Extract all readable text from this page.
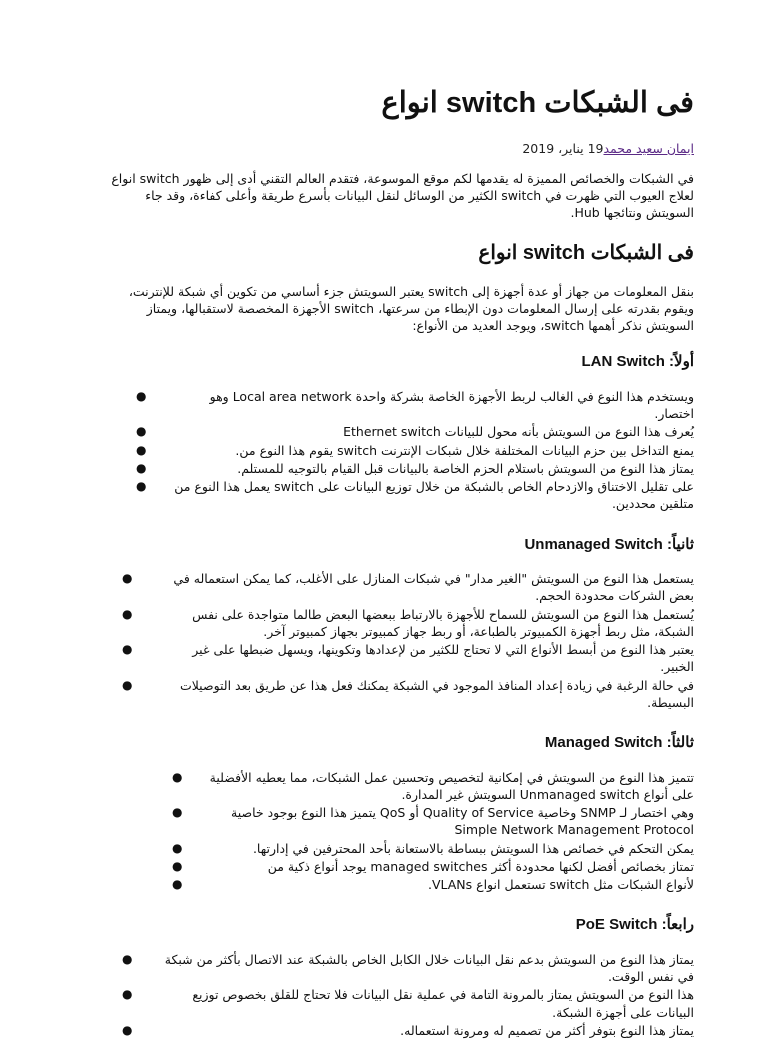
فى الشبكات switch انواع
ايمان سعيد محمد19 يناير، 2019

في الشبكات والخصائص المميزة له يقدمها لكم موقع الموسوعة، فتقدم العالم التقني أدى إلى ظهور switch انواع لعلاج العيوب التي ظهرت في switch الكثير من الوسائل لنقل البيانات بأسرع طريقة وأعلى كفاءة، وقد جاء السويتش ونتائجها Hub.

فى الشبكات switch انواع

بنقل المعلومات من جهاز أو عدة أجهزة إلى switch يعتبر السويتش جزء أساسي من تكوين أي شبكة للإنترنت، ويقوم بقدرته على إرسال المعلومات دون الإبطاء من سرعتها، switch الأجهزة المخصصة لاستقبالها، ويمتاز السويتش نذكر أهمها switch، ويوجد العديد من الأنواع:

أولاً: LAN Switch
●	ويستخدم هذا النوع في الغالب لربط الأجهزة الخاصة بشركة واحدة Local area network وهو اختصار.
●	يُعرف هذا النوع من السويتش بأنه محول للبيانات Ethernet switch
●	يمنع التداخل بين حزم البيانات المختلفة خلال شبكات الإنترنت switch يقوم هذا النوع من.
●	يمتاز هذا النوع من السويتش باستلام الحزم الخاصة بالبيانات قبل القيام بالتوجيه للمستلم.
●	على تقليل الاختناق والازدحام الخاص بالشبكة من خلال توزيع البيانات على switch يعمل هذا النوع من متلقين محددين.
ثانياً: Unmanaged Switch
●	يستعمل هذا النوع من السويتش "الغير مدار" في شبكات المنازل على الأغلب، كما يمكن استعماله في بعض الشركات محدودة الحجم.
●	يُستعمل هذا النوع من السويتش للسماح للأجهزة بالارتباط ببعضها البعض طالما متواجدة على نفس الشبكة، مثل ربط أجهزة الكمبيوتر بالطباعة، أو ربط جهاز كمبيوتر بجهاز كمبيوتر آخر.
●	يعتبر هذا النوع من أبسط الأنواع التي لا تحتاج للكثير من لإعدادها وتكوينها، ويسهل ضبطها على غير الخبير.
●	في حالة الرغبة في زيادة إعداد المنافذ الموجود في الشبكة يمكنك فعل هذا عن طريق بعد التوصيلات البسيطة.
ثالثاً: Managed Switch
● تتميز هذا النوع من السويتش في إمكانية لتخصيص وتحسين عمل الشبكات، مما يعطيه الأفضلية على أنواع Unmanaged switch السويتش غير المدارة.
●	وهي اختصار لـ SNMP وخاصية Quality of Service أو QoS يتميز هذا النوع بوجود خاصية Simple Network Management Protocol
●	يمكن التحكم في خصائص هذا السويتش ببساطة بالاستعانة بأحد المحترفين في إدارتها.
●	تمتاز بخصائص أفضل لكنها محدودة أكثر managed switches يوجد أنواع ذكية من
●	لأنواع الشبكات مثل switch تستعمل انواع VLANs.
رابعاً: PoE Switch
●	يمتاز هذا النوع من السويتش بدعم نقل البيانات خلال الكابل الخاص بالشبكة عند الاتصال بأكثر من شبكة في نفس الوقت.
●	هذا النوع من السويتش يمتاز بالمرونة التامة في عملية نقل البيانات فلا تحتاج للقلق بخصوص توزيع البيانات على أجهزة الشبكة.
●	يمتاز هذا النوع بتوفر أكثر من تصميم له ومرونة استعماله.
